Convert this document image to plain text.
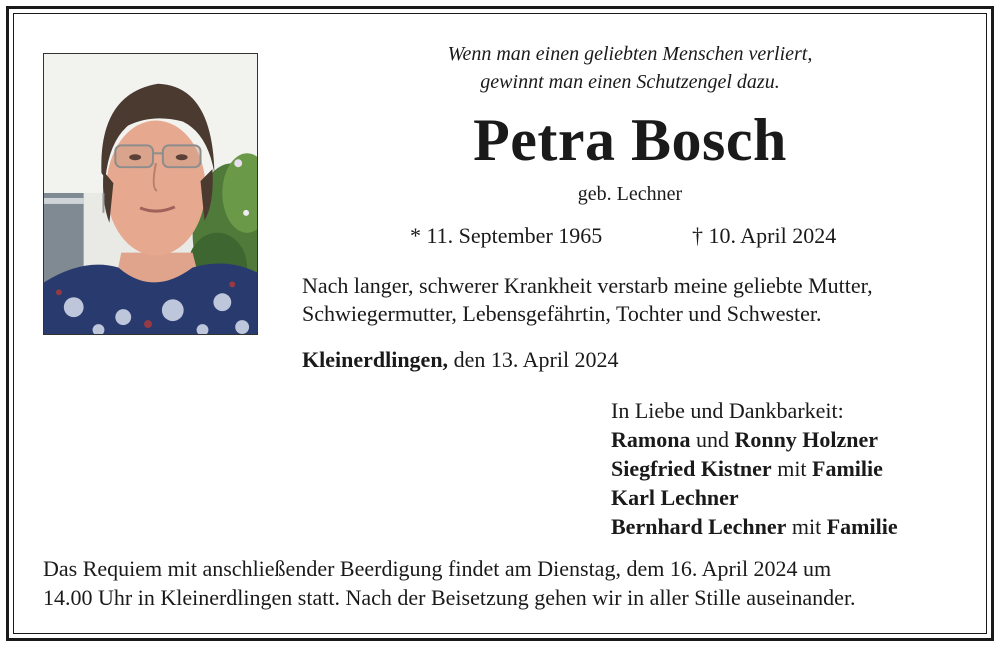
Wenn man einen geliebten Menschen verliert,
gewinnt man einen Schutzengel dazu.
Petra Bosch
geb. Lechner
* 11. September 1965	† 10. April 2024
Nach langer, schwerer Krankheit verstarb meine geliebte Mutter,
Schwiegermutter, Lebensgefährtin, Tochter und Schwester.
Kleinerdlingen, den 13. April 2024
In Liebe und Dankbarkeit:
Ramona und Ronny Holzner
Siegfried Kistner mit Familie
Karl Lechner
Bernhard Lechner mit Familie
Das Requiem mit anschließender Beerdigung findet am Dienstag, dem 16. April 2024 um
14.00 Uhr in Kleinerdlingen statt. Nach der Beisetzung gehen wir in aller Stille auseinander.
